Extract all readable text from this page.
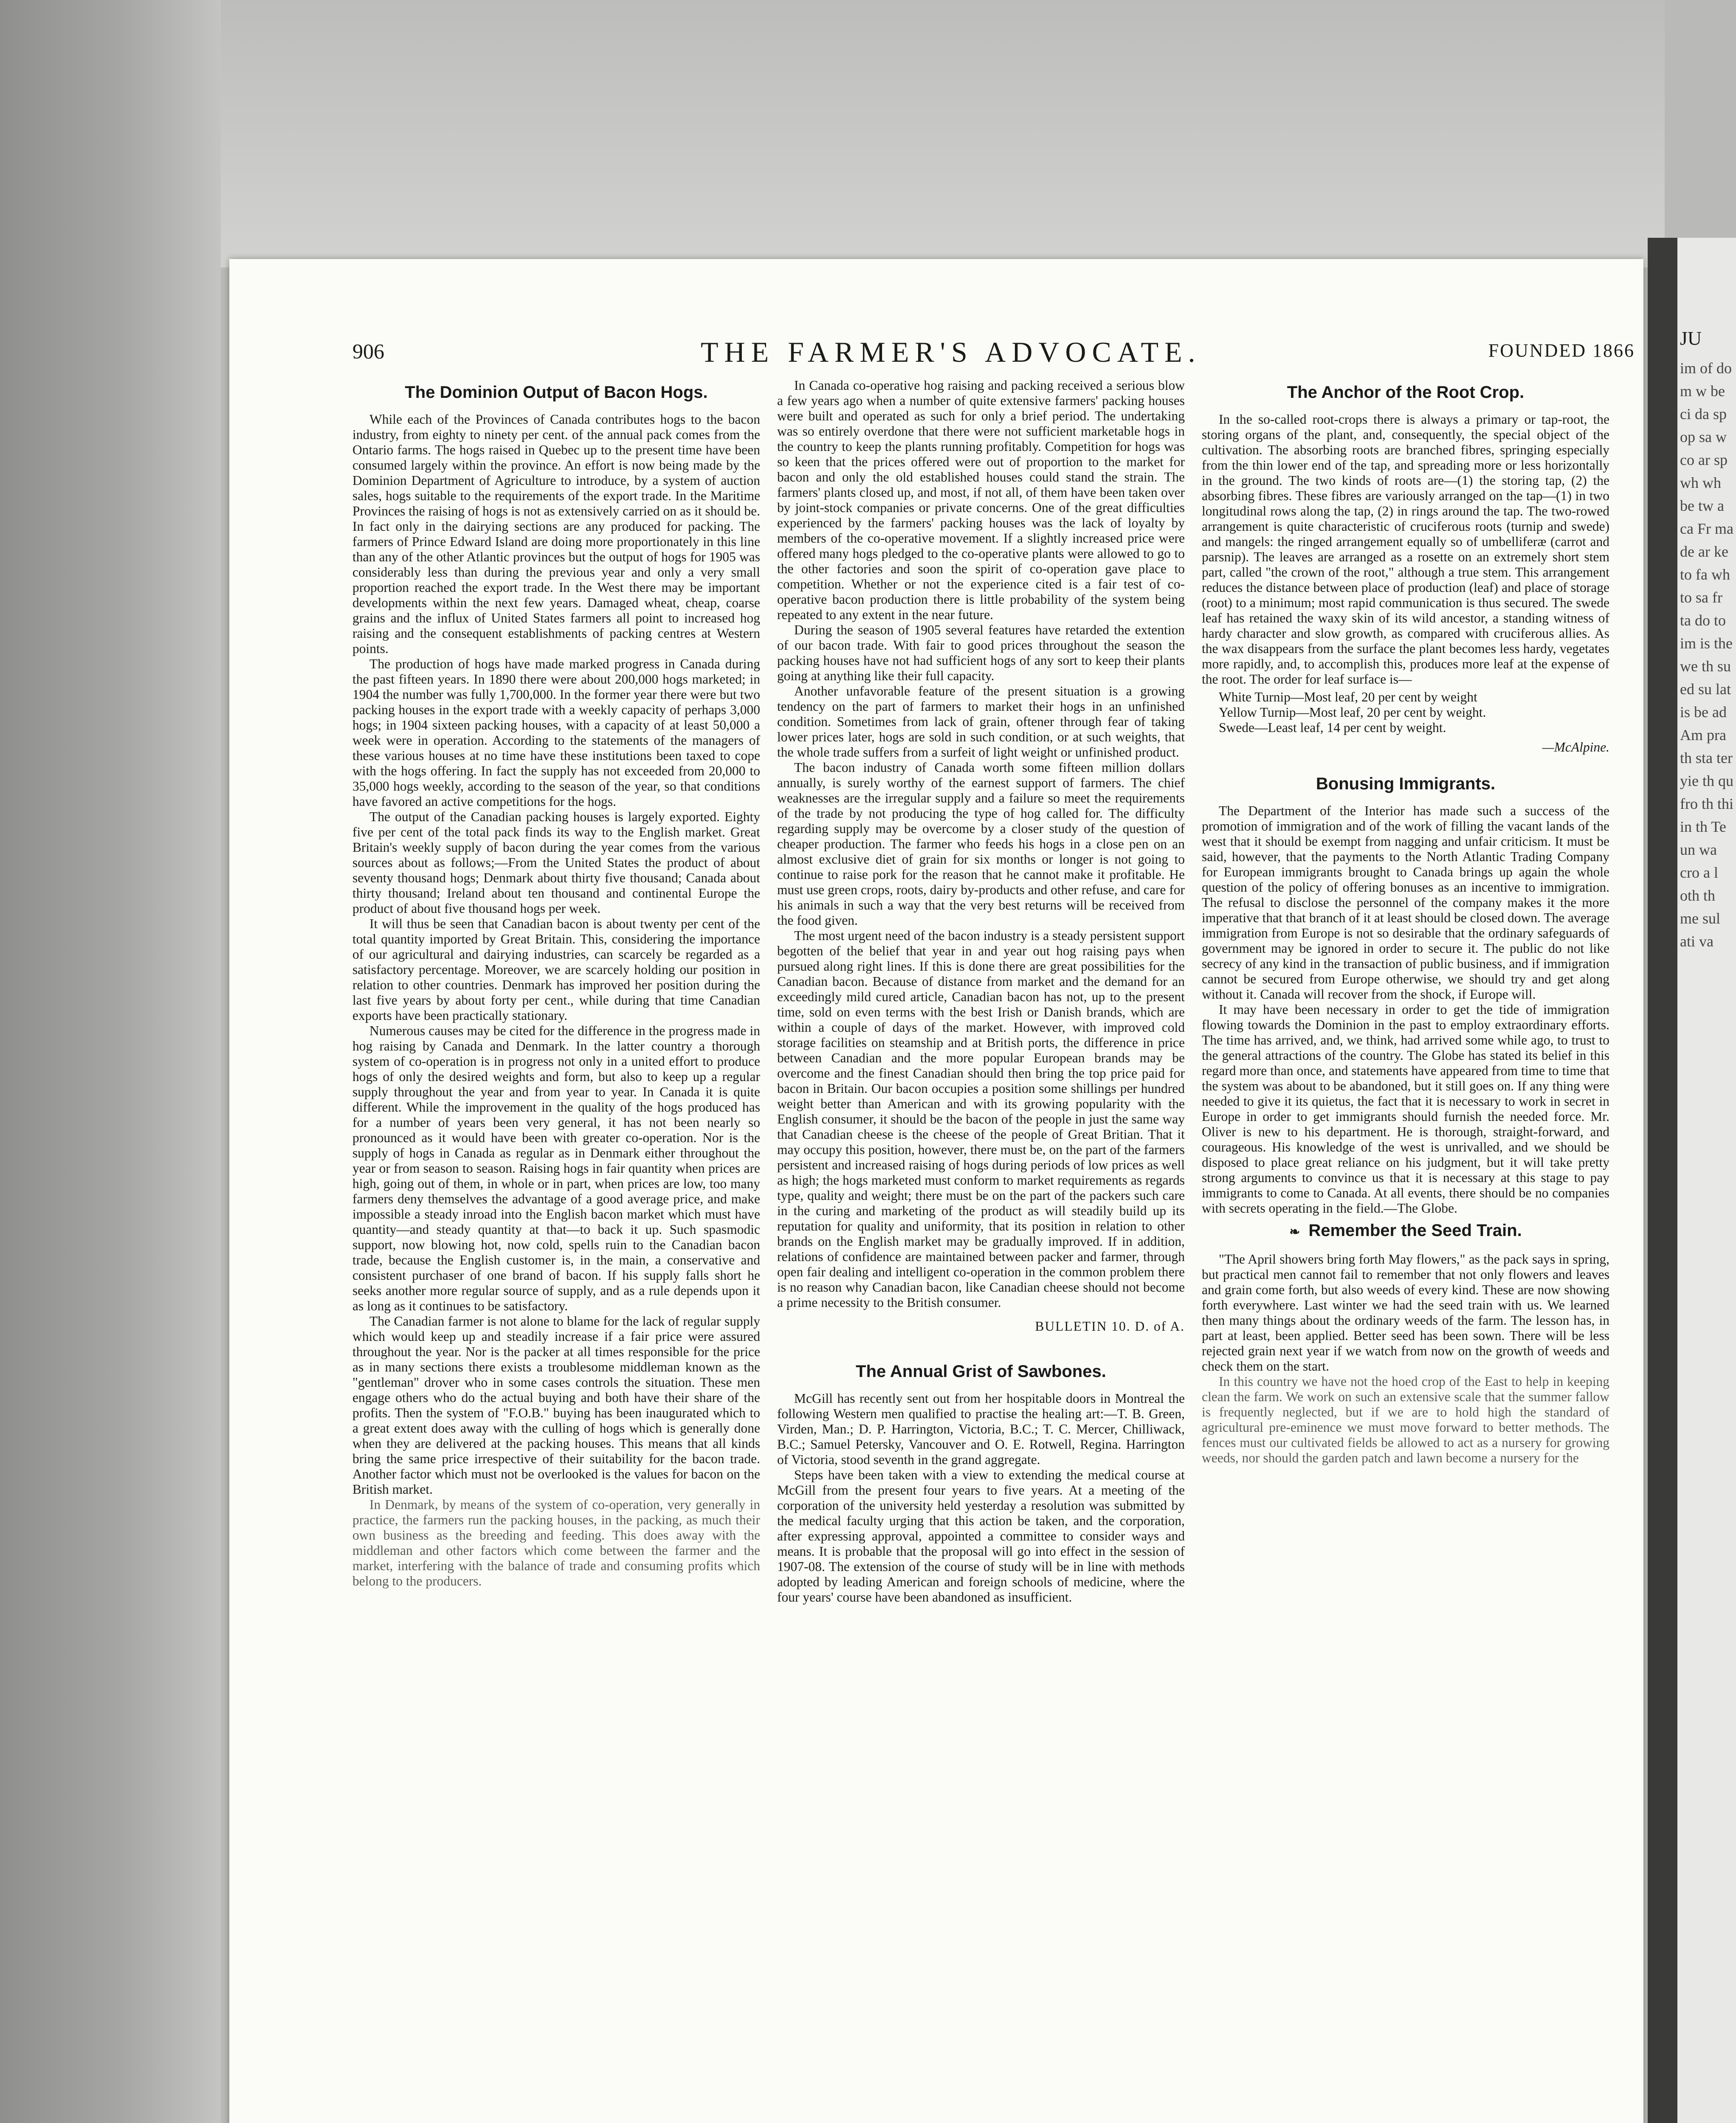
JU
im of do m w be ci da sp op sa w co ar sp wh wh be tw a ca Fr ma de ar ke to fa wh to sa fr ta do to im is the we th su ed su lat is be ad Am pra th sta ter yie th qu fro th thi in th Te un wa cro a l oth th me sul ati va
906	THE FARMER'S ADVOCATE.	FOUNDED 1866
The Dominion Output of Bacon Hogs.

While each of the Provinces of Canada contributes hogs to the bacon industry, from eighty to ninety per cent. of the annual pack comes from the Ontario farms. The hogs raised in Quebec up to the present time have been consumed largely within the province. An effort is now being made by the Dominion Department of Agriculture to introduce, by a system of auction sales, hogs suitable to the requirements of the export trade. In the Maritime Provinces the raising of hogs is not as extensively carried on as it should be. In fact only in the dairying sections are any produced for packing. The farmers of Prince Edward Island are doing more proportionately in this line than any of the other Atlantic provinces but the output of hogs for 1905 was considerably less than during the previous year and only a very small proportion reached the export trade. In the West there may be important developments within the next few years. Damaged wheat, cheap, coarse grains and the influx of United States farmers all point to increased hog raising and the consequent establishments of packing centres at Western points.

The production of hogs have made marked progress in Canada during the past fifteen years. In 1890 there were about 200,000 hogs marketed; in 1904 the number was fully 1,700,000. In the former year there were but two packing houses in the export trade with a weekly capacity of perhaps 3,000 hogs; in 1904 sixteen packing houses, with a capacity of at least 50,000 a week were in operation. According to the statements of the managers of these various houses at no time have these institutions been taxed to cope with the hogs offering. In fact the supply has not exceeded from 20,000 to 35,000 hogs weekly, according to the season of the year, so that conditions have favored an active competitions for the hogs.

The output of the Canadian packing houses is largely exported. Eighty five per cent of the total pack finds its way to the English market. Great Britain's weekly supply of bacon during the year comes from the various sources about as follows;—From the United States the product of about seventy thousand hogs; Denmark about thirty five thousand; Canada about thirty thousand; Ireland about ten thousand and continental Europe the product of about five thousand hogs per week.

It will thus be seen that Canadian bacon is about twenty per cent of the total quantity imported by Great Britain. This, considering the importance of our agricultural and dairying industries, can scarcely be regarded as a satisfactory percentage. Moreover, we are scarcely holding our position in relation to other countries. Denmark has improved her position during the last five years by about forty per cent., while during that time Canadian exports have been practically stationary.

Numerous causes may be cited for the difference in the progress made in hog raising by Canada and Denmark. In the latter country a thorough system of co-operation is in progress not only in a united effort to produce hogs of only the desired weights and form, but also to keep up a regular supply throughout the year and from year to year. In Canada it is quite different. While the improvement in the quality of the hogs produced has for a number of years been very general, it has not been nearly so pronounced as it would have been with greater co-operation. Nor is the supply of hogs in Canada as regular as in Denmark either throughout the year or from season to season. Raising hogs in fair quantity when prices are high, going out of them, in whole or in part, when prices are low, too many farmers deny themselves the advantage of a good average price, and make impossible a steady inroad into the English bacon market which must have quantity—and steady quantity at that—to back it up. Such spasmodic support, now blowing hot, now cold, spells ruin to the Canadian bacon trade, because the English customer is, in the main, a conservative and consistent purchaser of one brand of bacon. If his supply falls short he seeks another more regular source of supply, and as a rule depends upon it as long as it continues to be satisfactory.

The Canadian farmer is not alone to blame for the lack of regular supply which would keep up and steadily increase if a fair price were assured throughout the year. Nor is the packer at all times responsible for the price as in many sections there exists a troublesome middleman known as the "gentleman" drover who in some cases controls the situation. These men engage others who do the actual buying and both have their share of the profits. Then the system of "F.O.B." buying has been inaugurated which to a great extent does away with the culling of hogs which is generally done when they are delivered at the packing houses. This means that all kinds bring the same price irrespective of their suitability for the bacon trade. Another factor which must not be overlooked is the values for bacon on the British market.

In Denmark, by means of the system of co-operation, very generally in practice, the farmers run the packing houses, in the packing, as much their own business as the breeding and feeding. This does away with the middleman and other factors which come between the farmer and the market, interfering with the balance of trade and consuming profits which belong to the producers.

In Canada co-operative hog raising and packing received a serious blow a few years ago when a number of quite extensive farmers' packing houses were built and operated as such for only a brief period. The undertaking was so entirely overdone that there were not sufficient marketable hogs in the country to keep the plants running profitably. Competition for hogs was so keen that the prices offered were out of proportion to the market for bacon and only the old established houses could stand the strain. The farmers' plants closed up, and most, if not all, of them have been taken over by joint-stock companies or private concerns. One of the great difficulties experienced by the farmers' packing houses was the lack of loyalty by members of the co-operative movement. If a slightly increased price were offered many hogs pledged to the co-operative plants were allowed to go to the other factories and soon the spirit of co-operation gave place to competition. Whether or not the experience cited is a fair test of co-operative bacon production there is little probability of the system being repeated to any extent in the near future.

During the season of 1905 several features have retarded the extention of our bacon trade. With fair to good prices throughout the season the packing houses have not had sufficient hogs of any sort to keep their plants going at anything like their full capacity.

Another unfavorable feature of the present situation is a growing tendency on the part of farmers to market their hogs in an unfinished condition. Sometimes from lack of grain, oftener through fear of taking lower prices later, hogs are sold in such condition, or at such weights, that the whole trade suffers from a surfeit of light weight or unfinished product.

The bacon industry of Canada worth some fifteen million dollars annually, is surely worthy of the earnest support of farmers. The chief weaknesses are the irregular supply and a failure so meet the requirements of the trade by not producing the type of hog called for. The difficulty regarding supply may be overcome by a closer study of the question of cheaper production. The farmer who feeds his hogs in a close pen on an almost exclusive diet of grain for six months or longer is not going to continue to raise pork for the reason that he cannot make it profitable. He must use green crops, roots, dairy by-products and other refuse, and care for his animals in such a way that the very best returns will be received from the food given.

The most urgent need of the bacon industry is a steady persistent support begotten of the belief that year in and year out hog raising pays when pursued along right lines. If this is done there are great possibilities for the Canadian bacon. Because of distance from market and the demand for an exceedingly mild cured article, Canadian bacon has not, up to the present time, sold on even terms with the best Irish or Danish brands, which are within a couple of days of the market. However, with improved cold storage facilities on steamship and at British ports, the difference in price between Canadian and the more popular European brands may be overcome and the finest Canadian should then bring the top price paid for bacon in Britain. Our bacon occupies a position some shillings per hundred weight better than American and with its growing popularity with the English consumer, it should be the bacon of the people in just the same way that Canadian cheese is the cheese of the people of Great Britian. That it may occupy this position, however, there must be, on the part of the farmers persistent and increased raising of hogs during periods of low prices as well as high; the hogs marketed must conform to market requirements as regards type, quality and weight; there must be on the part of the packers such care in the curing and marketing of the product as will steadily build up its reputation for quality and uniformity, that its position in relation to other brands on the English market may be gradually improved. If in addition, relations of confidence are maintained between packer and farmer, through open fair dealing and intelligent co-operation in the common problem there is no reason why Canadian bacon, like Canadian cheese should not become a prime necessity to the British consumer.

BULLETIN 10. D. of A.
The Annual Grist of Sawbones.

McGill has recently sent out from her hospitable doors in Montreal the following Western men qualified to practise the healing art:—T. B. Green, Virden, Man.; D. P. Harrington, Victoria, B.C.; T. C. Mercer, Chilliwack, B.C.; Samuel Petersky, Vancouver and O. E. Rotwell, Regina. Harrington of Victoria, stood seventh in the grand aggregate.

Steps have been taken with a view to extending the medical course at McGill from the present four years to five years. At a meeting of the corporation of the university held yesterday a resolution was submitted by the medical faculty urging that this action be taken, and the corporation, after expressing approval, appointed a committee to consider ways and means. It is probable that the proposal will go into effect in the session of 1907-08. The extension of the course of study will be in line with methods adopted by leading American and foreign schools of medicine, where the four years' course have been abandoned as insufficient.

The Anchor of the Root Crop.

In the so-called root-crops there is always a primary or tap-root, the storing organs of the plant, and, consequently, the special object of the cultivation. The absorbing roots are branched fibres, springing especially from the thin lower end of the tap, and spreading more or less horizontally in the ground. The two kinds of roots are—(1) the storing tap, (2) the absorbing fibres. These fibres are variously arranged on the tap—(1) in two longitudinal rows along the tap, (2) in rings around the tap. The two-rowed arrangement is quite characteristic of cruciferous roots (turnip and swede) and mangels: the ringed arrangement equally so of umbelliferæ (carrot and parsnip). The leaves are arranged as a rosette on an extremely short stem part, called "the crown of the root," although a true stem. This arrangement reduces the distance between place of production (leaf) and place of storage (root) to a minimum; most rapid communication is thus secured. The swede leaf has retained the waxy skin of its wild ancestor, a standing witness of hardy character and slow growth, as compared with cruciferous allies. As the wax disappears from the surface the plant becomes less hardy, vegetates more rapidly, and, to accomplish this, produces more leaf at the expense of the root. The order for leaf surface is—

White Turnip—Most leaf, 20 per cent by weight
Yellow Turnip—Most leaf, 20 per cent by weight.
Swede—Least leaf, 14 per cent by weight.
—McAlpine.
Bonusing Immigrants.

The Department of the Interior has made such a success of the promotion of immigration and of the work of filling the vacant lands of the west that it should be exempt from nagging and unfair criticism. It must be said, however, that the payments to the North Atlantic Trading Company for European immigrants brought to Canada brings up again the whole question of the policy of offering bonuses as an incentive to immigration. The refusal to disclose the personnel of the company makes it the more imperative that that branch of it at least should be closed down. The average immigration from Europe is not so desirable that the ordinary safeguards of government may be ignored in order to secure it. The public do not like secrecy of any kind in the transaction of public business, and if immigration cannot be secured from Europe otherwise, we should try and get along without it. Canada will recover from the shock, if Europe will.

It may have been necessary in order to get the tide of immigration flowing towards the Dominion in the past to employ extraordinary efforts. The time has arrived, and, we think, had arrived some while ago, to trust to the general attractions of the country. The Globe has stated its belief in this regard more than once, and statements have appeared from time to time that the system was about to be abandoned, but it still goes on. If any thing were needed to give it its quietus, the fact that it is necessary to work in secret in Europe in order to get immigrants should furnish the needed force. Mr. Oliver is new to his department. He is thorough, straight-forward, and courageous. His knowledge of the west is unrivalled, and we should be disposed to place great reliance on his judgment, but it will take pretty strong arguments to convince us that it is necessary at this stage to pay immigrants to come to Canada. At all events, there should be no companies with secrets operating in the field.—The Globe.

❧ Remember the Seed Train.

"The April showers bring forth May flowers," as the pack says in spring, but practical men cannot fail to remember that not only flowers and leaves and grain come forth, but also weeds of every kind. These are now showing forth everywhere. Last winter we had the seed train with us. We learned then many things about the ordinary weeds of the farm. The lesson has, in part at least, been applied. Better seed has been sown. There will be less rejected grain next year if we watch from now on the growth of weeds and check them on the start.

In this country we have not the hoed crop of the East to help in keeping clean the farm. We work on such an extensive scale that the summer fallow is frequently neglected, but if we are to hold high the standard of agricultural pre-eminence we must move forward to better methods. The fences must our cultivated fields be allowed to act as a nursery for growing weeds, nor should the garden patch and lawn become a nursery for the
